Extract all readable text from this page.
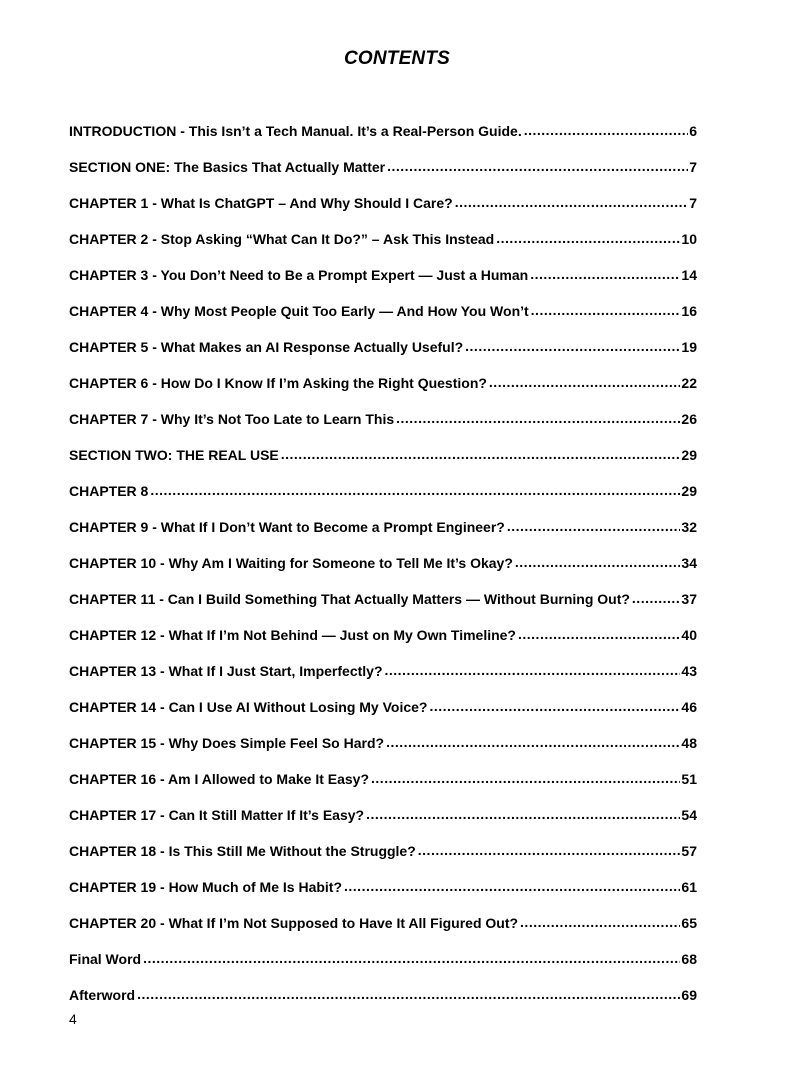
CONTENTS
INTRODUCTION - This Isn’t a Tech Manual. It’s a Real-Person Guide. .....	6
SECTION ONE: The Basics That Actually Matter .....	7
CHAPTER 1 - What Is ChatGPT – And Why Should I Care? .....	7
CHAPTER 2 - Stop Asking “What Can It Do?” – Ask This Instead .....	10
CHAPTER 3 - You Don’t Need to Be a Prompt Expert — Just a Human .....	14
CHAPTER 4 - Why Most People Quit Too Early — And How You Won’t .....	16
CHAPTER 5 - What Makes an AI Response Actually Useful? .....	19
CHAPTER 6 - How Do I Know If I’m Asking the Right Question? .....	22
CHAPTER 7 - Why It’s Not Too Late to Learn This .....	26
SECTION TWO: THE REAL USE .....	29
CHAPTER 8 .....	29
CHAPTER 9 - What If I Don’t Want to Become a Prompt Engineer? .....	32
CHAPTER 10 - Why Am I Waiting for Someone to Tell Me It’s Okay? .....	34
CHAPTER 11 - Can I Build Something That Actually Matters — Without Burning Out? .....	37
CHAPTER 12 - What If I’m Not Behind — Just on My Own Timeline? .....	40
CHAPTER 13 - What If I Just Start, Imperfectly? .....	43
CHAPTER 14 - Can I Use AI Without Losing My Voice? .....	46
CHAPTER 15 - Why Does Simple Feel So Hard? .....	48
CHAPTER 16 - Am I Allowed to Make It Easy? .....	51
CHAPTER 17 - Can It Still Matter If It’s Easy? .....	54
CHAPTER 18 - Is This Still Me Without the Struggle? .....	57
CHAPTER 19 - How Much of Me Is Habit? .....	61
CHAPTER 20 - What If I’m Not Supposed to Have It All Figured Out? .....	65
Final Word .....	68
Afterword .....	69
4
